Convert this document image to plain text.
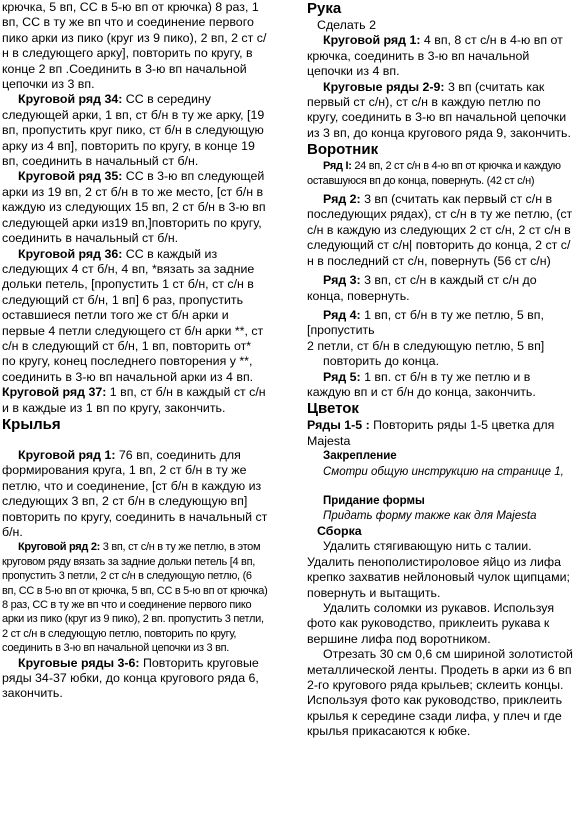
крючка, 5 вп, СС в 5-ю вп от крючка) 8 раз, 1 вп, СС в ту же вп что и соединение первого пико арки из пико (круг из 9 пико), 2 вп, 2 ст с/н в следующего арку], повторить по кругу, в конце 2 вп .Соединить в 3-ю вп начальной цепочки из 3 вп.

Круговой ряд 34: СС в середину следующей арки, 1 вп, ст б/н в ту же арку, [19 вп, пропустить круг пико, ст б/н в следующую арку из 4 вп], повторить по кругу, в конце 19 вп, соединить в начальный ст б/н.

Круговой ряд 35: СС в 3-ю вп следующей арки из 19 вп, 2 ст б/н в то же место, [ст б/н в каждую из следующих 15 вп, 2 ст б/н в 3-ю вп следующей арки из19 вп,]повторить по кругу, соединить в начальный ст б/н.

Круговой ряд 36: СС в каждый из следующих 4 ст б/н, 4 вп, *вязать за задние дольки петель, [пропустить 1 ст б/н, ст с/н в следующий ст б/н, 1 вп] 6 раз, пропустить оставшиеся петли того же ст б/н арки и первые 4 петли следующего ст б/н арки **, ст с/н в следующий ст б/н, 1 вп, повторить от* по кругу, конец последнего повторения у **, соединить в 3-ю вп начальной арки из 4 вп.

Круговой ряд 37: 1 вп, ст б/н в каждый ст с/н и в каждые из 1 вп по кругу, закончить.

Крылья

Круговой ряд 1: 76 вп, соединить для формирования круга, 1 вп, 2 ст б/н в ту же петлю, что и соединение, [ст б/н в каждую из следующих 3 вп, 2 ст б/н в следующую вп] повторить по кругу, соединить в начальный ст б/н.

Круговой ряд 2: 3 вп, ст с/н в ту же петлю, в этом круговом ряду вязать за задние дольки петель [4 вп, пропустить 3 петли, 2 ст с/н в следующую петлю, (6 вп, СС в 5-ю вп от крючка, 5 вп, СС в 5-ю вп от крючка) 8 раз, СС в ту же вп что и соединение первого пико арки из пико (круг из 9 пико), 2 вп. пропустить 3 петли, 2 ст с/н в следующую петлю, повторить по кругу, соединить в 3-ю вп начальной цепочки из 3 вп.

Круговые ряды 3-6: Повторить круговые ряды 34-37 юбки, до конца кругового ряда 6, закончить.

Рука

Сделать 2

Круговой ряд 1: 4 вп, 8 ст с/н в 4-ю вп от крючка, соединить в 3-ю вп начальной цепочки из 4 вп.

Круговые ряды 2-9: 3 вп (считать как первый ст с/н), ст с/н в каждую петлю по кругу, соединить в 3-ю вп начальной цепочки из 3 вп, до конца кругового ряда 9, закончить.

Воротник

Ряд I: 24 вп, 2 ст с/н в 4-ю вп от крючка и каждую оставшуюся вп до конца, повернуть. (42 ст с/н)

Ряд 2: 3 вп (считать как первый ст с/н в последующих рядах), ст с/н в ту же петлю, (ст с/н в каждую из следующих 2 ст с/н, 2 ст с/н в следующий ст с/н| повторить до конца, 2 ст с/н в последний ст с/н, повернуть (56 ст с/н)

Ряд 3: 3 вп, ст с/н в каждый ст с/н до конца, повернуть.

Ряд 4: 1 вп, ст б/н в ту же петлю, 5 вп, [пропустить

2 петли, ст б/н в следующую петлю, 5 вп]

повторить до конца.

Ряд 5: 1 вп. ст б/н в ту же петлю и в каждую вп и ст б/н до конца, закончить.

Цветок

Ряды 1-5 : Повторить ряды 1-5 цветка для Majesta

Закрепление

Смотри общую инструкцию на странице 1,

Придание формы

Придать форму также как для Majesta

Сборка

Удалить стягивающую нить с талии. Удалить пенополистироловое яйцо из лифа крепко захватив нейлоновый чулок щипцами; повернуть и вытащить.

Удалить соломки из рукавов. Используя фото как руководство, приклеить рукава к вершине лифа под воротником.

Отрезать 30 см 0,6 см шириной золотистой металлической ленты. Продеть в арки из 6 вп 2-го кругового ряда крыльев; склеить концы. Используя фото как руководство, приклеить крылья к середине сзади лифа, у плеч и где крылья прикасаются к юбке.
